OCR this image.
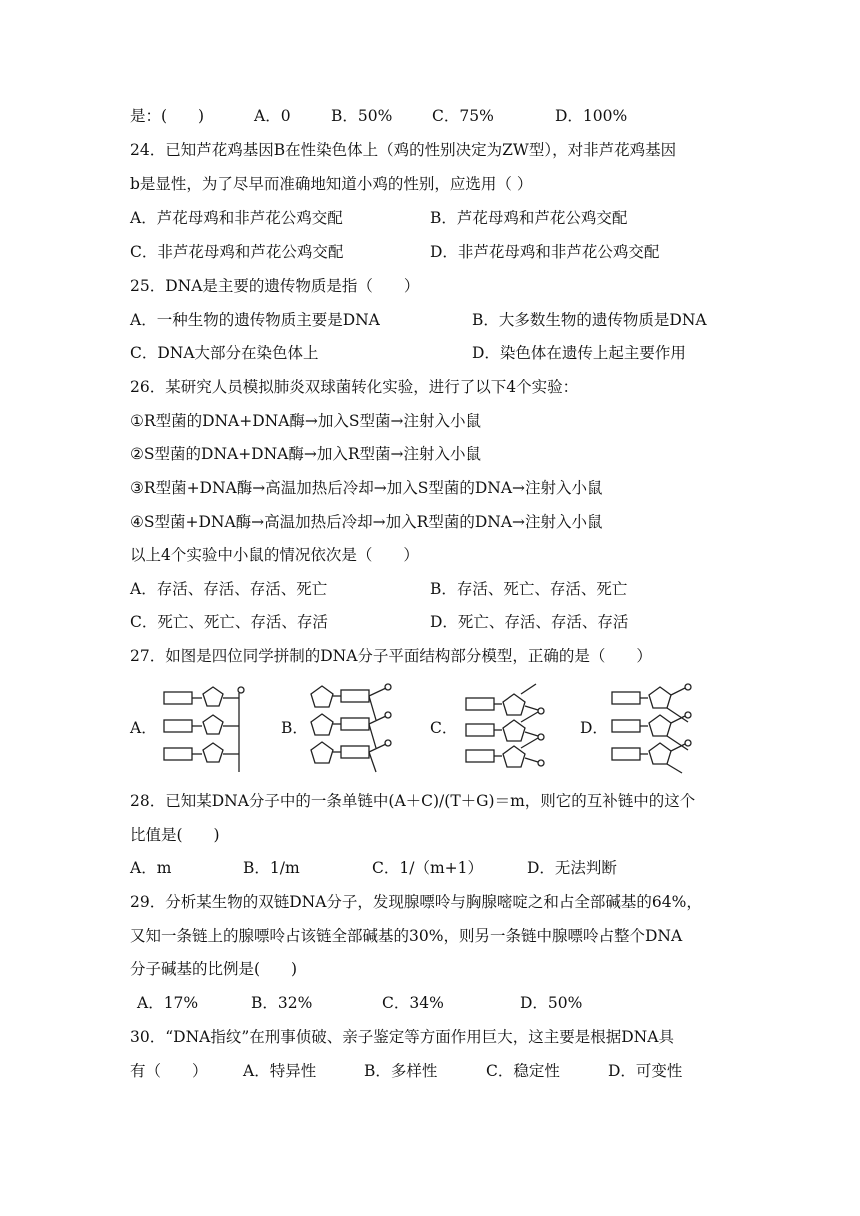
是：(　　)	A．0	B．50%	C．75%	D．100%
24．已知芦花鸡基因B在性染色体上（鸡的性别决定为ZW型），对非芦花鸡基因
b是显性，为了尽早而准确地知道小鸡的性别，应选用（ ）
A．芦花母鸡和非芦花公鸡交配	B．芦花母鸡和芦花公鸡交配
C．非芦花母鸡和芦花公鸡交配	D．非芦花母鸡和非芦花公鸡交配
25．DNA是主要的遗传物质是指（　　）
A．一种生物的遗传物质主要是DNA	B．大多数生物的遗传物质是DNA
C．DNA大部分在染色体上	D．染色体在遗传上起主要作用
26．某研究人员模拟肺炎双球菌转化实验，进行了以下4个实验：
①R型菌的DNA+DNA酶→加入S型菌→注射入小鼠
②S型菌的DNA+DNA酶→加入R型菌→注射入小鼠
③R型菌+DNA酶→高温加热后冷却→加入S型菌的DNA→注射入小鼠
④S型菌+DNA酶→高温加热后冷却→加入R型菌的DNA→注射入小鼠
以上4个实验中小鼠的情况依次是（　　）
A．存活、存活、存活、死亡	B．存活、死亡、存活、死亡
C．死亡、死亡、存活、存活	D．死亡、存活、存活、存活
27．如图是四位同学拼制的DNA分子平面结构部分模型，正确的是（　　）
A．	B．	C．	D．
28．已知某DNA分子中的一条单链中(A＋C)/(T＋G)＝m，则它的互补链中的这个
比值是(　　)
A．m	B．1/m	C．1/（m+1）	D．无法判断
29．分析某生物的双链DNA分子，发现腺嘌呤与胸腺嘧啶之和占全部碱基的64%，
又知一条链上的腺嘌呤占该链全部碱基的30%，则另一条链中腺嘌呤占整个DNA
分子碱基的比例是(　　)
A．17%	B．32%	C．34%	D．50%
30．“DNA指纹”在刑事侦破、亲子鉴定等方面作用巨大，这主要是根据DNA具
有（　　） A．特异性	B．多样性	C．稳定性	D．可变性
